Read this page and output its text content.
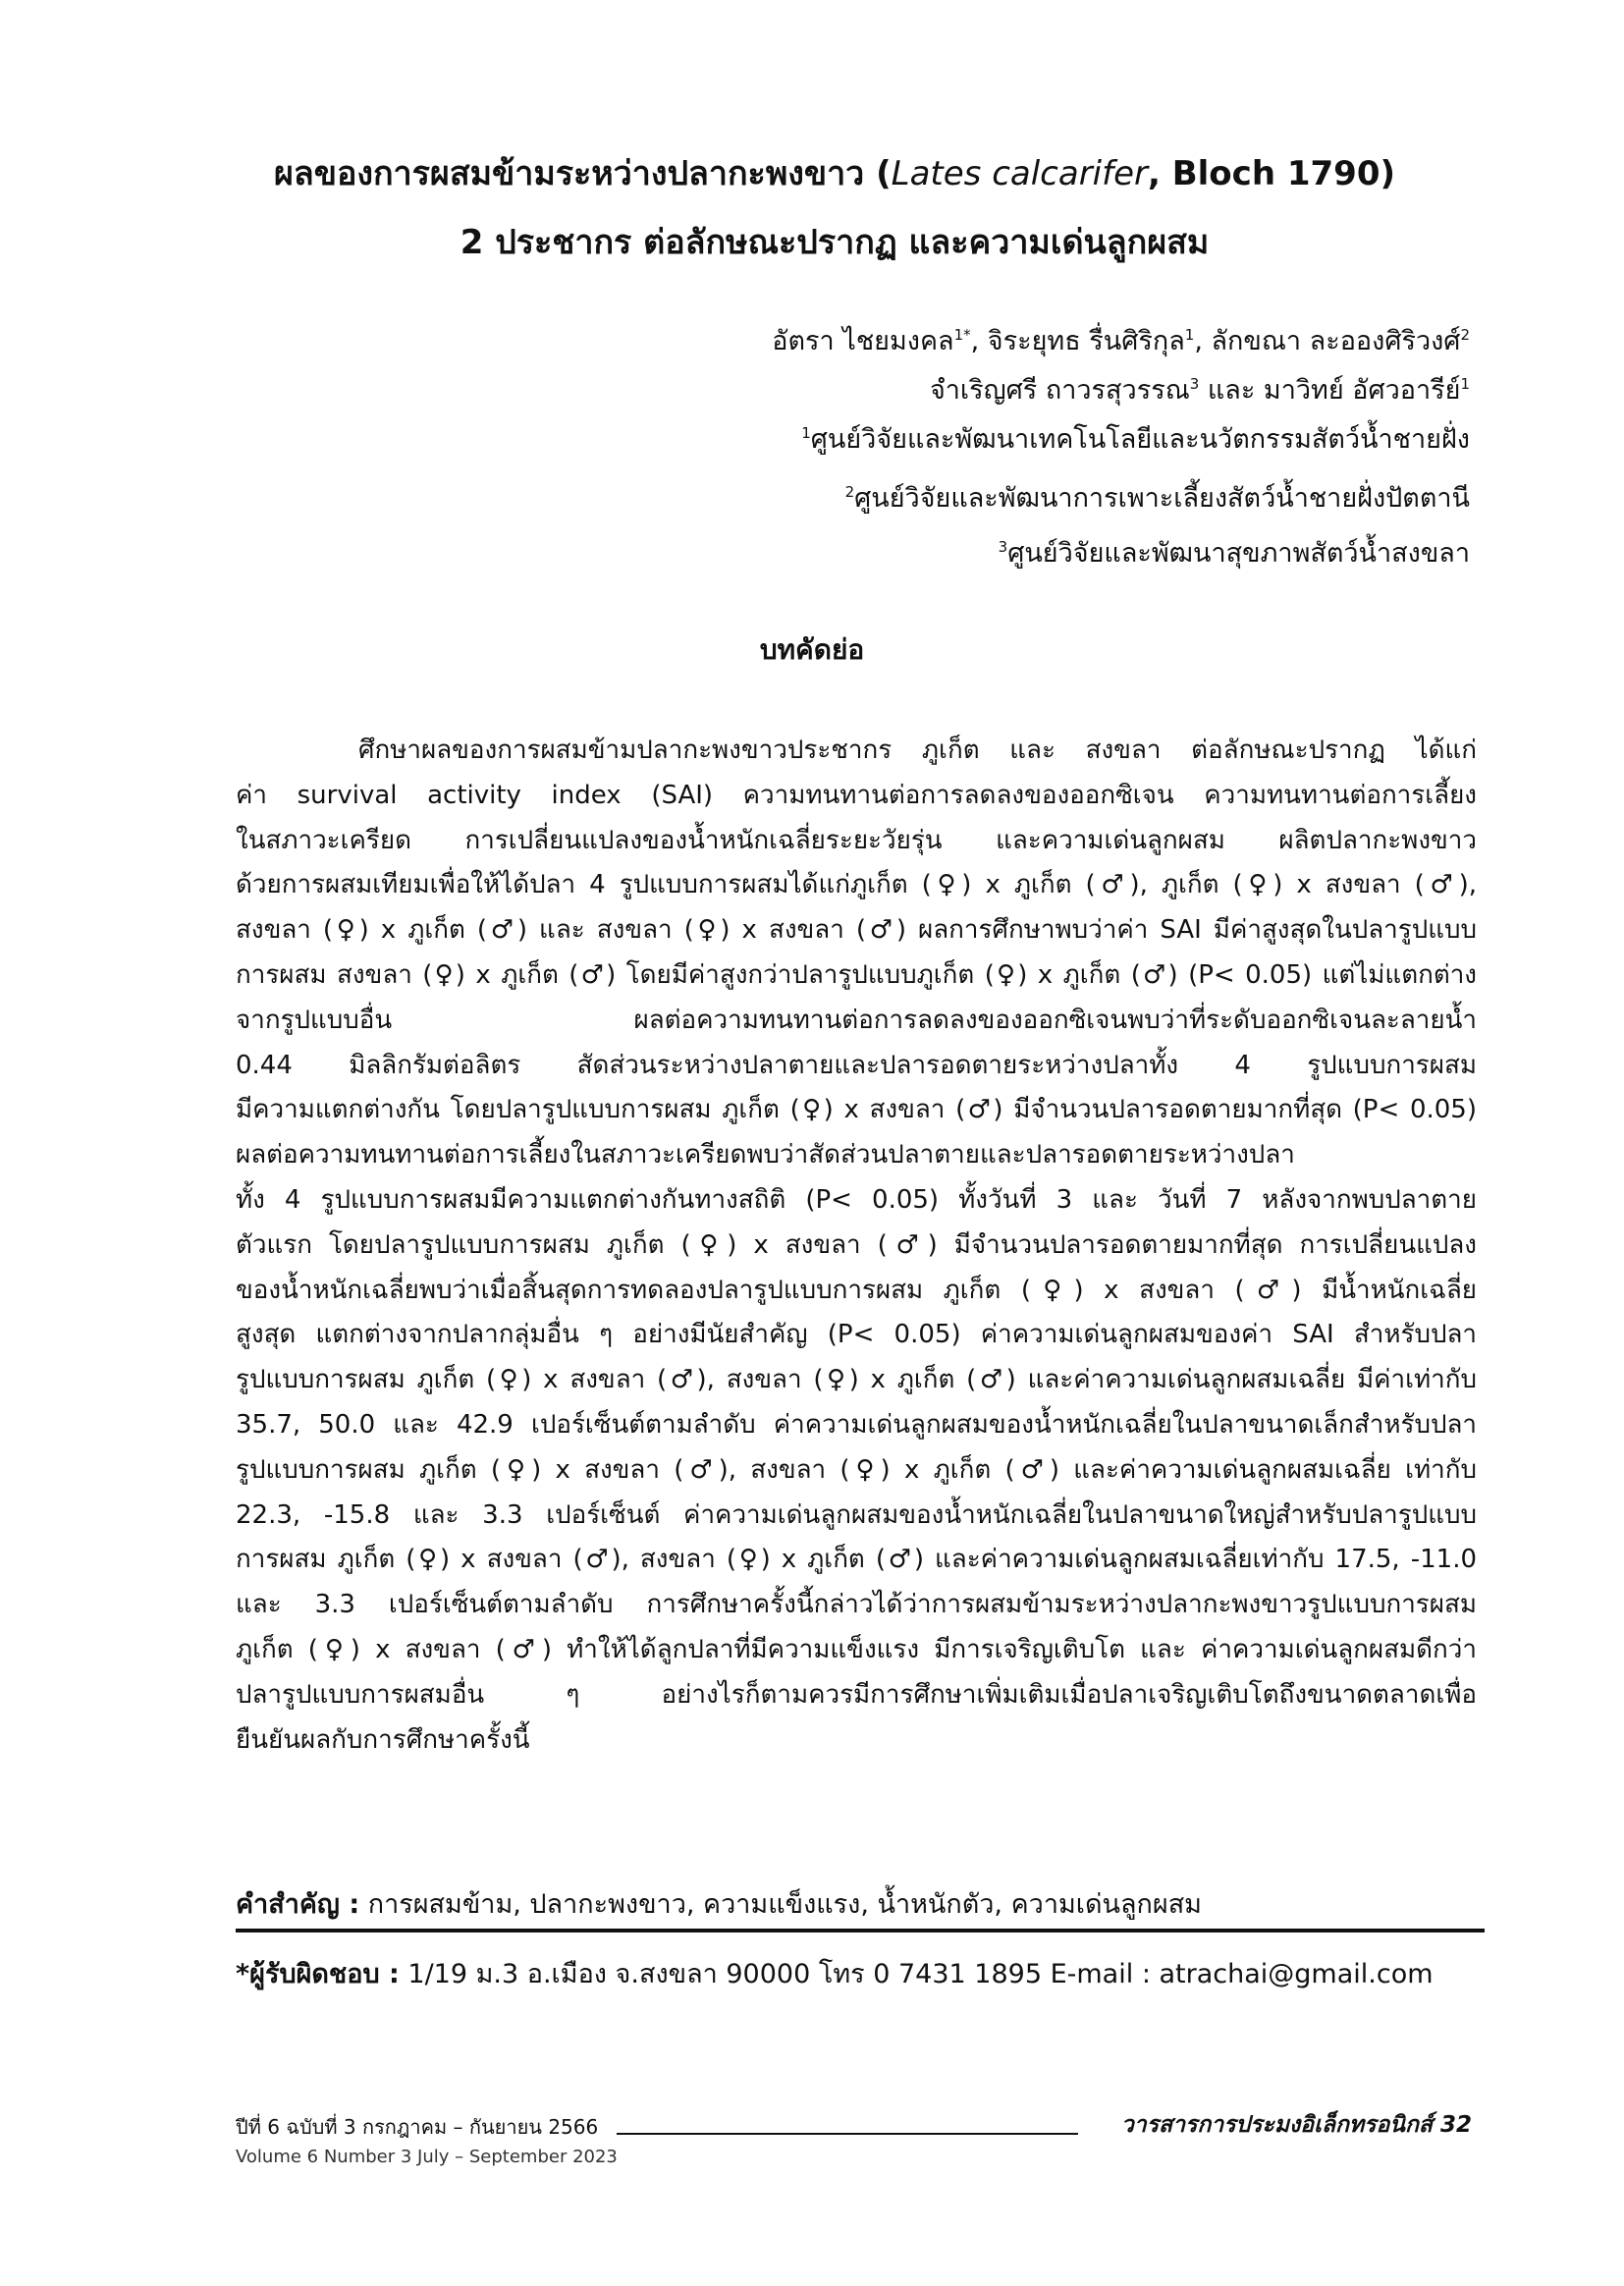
ผลของการผสมข้ามระหว่างปลากะพงขาว (Lates calcarifer, Bloch 1790)
2 ประชากร ต่อลักษณะปรากฏ และความเด่นลูกผสม
อัตรา ไชยมงคล$^{1*}$, จิระยุทธ รื่นศิริกุล$^1$, ลักขณา ละอองศิริวงศ์$^2$
จำเริญศรี ถาวรสุวรรณ$^3$ และ มาวิทย์ อัศวอารีย์$^1$
$^1$ศูนย์วิจัยและพัฒนาเทคโนโลยีและนวัตกรรมสัตว์น้ำชายฝั่ง
$^2$ศูนย์วิจัยและพัฒนาการเพาะเลี้ยงสัตว์น้ำชายฝั่งปัตตานี
$^3$ศูนย์วิจัยและพัฒนาสุขภาพสัตว์น้ำสงขลา
บทคัดย่อ
ศึกษาผลของการผสมข้ามปลากะพงขาวประชากร ภูเก็ต และ สงขลา ต่อลักษณะปรากฏ ได้แก่
ค่า survival activity index (SAI) ความทนทานต่อการลดลงของออกซิเจน ความทนทานต่อการเลี้ยง
ในสภาวะเครียด การเปลี่ยนแปลงของน้ำหนักเฉลี่ยระยะวัยรุ่น และความเด่นลูกผสม ผลิตปลากะพงขาว
ด้วยการผสมเทียมเพื่อให้ได้ปลา 4 รูปแบบการผสมได้แก่ภูเก็ต (♀) x ภูเก็ต (♂), ภูเก็ต (♀) x สงขลา (♂),
สงขลา (♀) x ภูเก็ต (♂) และ สงขลา (♀) x สงขลา (♂) ผลการศึกษาพบว่าค่า SAI มีค่าสูงสุดในปลารูปแบบ
การผสม สงขลา (♀) x ภูเก็ต (♂) โดยมีค่าสูงกว่าปลารูปแบบภูเก็ต (♀) x ภูเก็ต (♂) (P< 0.05) แต่ไม่แตกต่าง
จากรูปแบบอื่น ผลต่อความทนทานต่อการลดลงของออกซิเจนพบว่าที่ระดับออกซิเจนละลายน้ำ
0.44 มิลลิกรัมต่อลิตร สัดส่วนระหว่างปลาตายและปลารอดตายระหว่างปลาทั้ง 4 รูปแบบการผสม
มีความแตกต่างกัน โดยปลารูปแบบการผสม ภูเก็ต (♀) x สงขลา (♂) มีจำนวนปลารอดตายมากที่สุด (P< 0.05)
ผลต่อความทนทานต่อการเลี้ยงในสภาวะเครียดพบว่าสัดส่วนปลาตายและปลารอดตายระหว่างปลา
ทั้ง 4 รูปแบบการผสมมีความแตกต่างกันทางสถิติ (P< 0.05) ทั้งวันที่ 3 และ วันที่ 7 หลังจากพบปลาตาย
ตัวแรก โดยปลารูปแบบการผสม ภูเก็ต (♀) x สงขลา (♂) มีจำนวนปลารอดตายมากที่สุด การเปลี่ยนแปลง
ของน้ำหนักเฉลี่ยพบว่าเมื่อสิ้นสุดการทดลองปลารูปแบบการผสม ภูเก็ต (♀) x สงขลา (♂) มีน้ำหนักเฉลี่ย
สูงสุด แตกต่างจากปลากลุ่มอื่น ๆ อย่างมีนัยสำคัญ (P< 0.05) ค่าความเด่นลูกผสมของค่า SAI สำหรับปลา
รูปแบบการผสม ภูเก็ต (♀) x สงขลา (♂), สงขลา (♀) x ภูเก็ต (♂) และค่าความเด่นลูกผสมเฉลี่ย มีค่าเท่ากับ
35.7, 50.0 และ 42.9 เปอร์เซ็นต์ตามลำดับ ค่าความเด่นลูกผสมของน้ำหนักเฉลี่ยในปลาขนาดเล็กสำหรับปลา
รูปแบบการผสม ภูเก็ต (♀) x สงขลา (♂), สงขลา (♀) x ภูเก็ต (♂) และค่าความเด่นลูกผสมเฉลี่ย เท่ากับ
22.3, -15.8 และ 3.3 เปอร์เซ็นต์ ค่าความเด่นลูกผสมของน้ำหนักเฉลี่ยในปลาขนาดใหญ่สำหรับปลารูปแบบ
การผสม ภูเก็ต (♀) x สงขลา (♂), สงขลา (♀) x ภูเก็ต (♂) และค่าความเด่นลูกผสมเฉลี่ยเท่ากับ 17.5, -11.0
และ 3.3 เปอร์เซ็นต์ตามลำดับ การศึกษาครั้งนี้กล่าวได้ว่าการผสมข้ามระหว่างปลากะพงขาวรูปแบบการผสม
ภูเก็ต (♀) x สงขลา (♂) ทำให้ได้ลูกปลาที่มีความแข็งแรง มีการเจริญเติบโต และ ค่าความเด่นลูกผสมดีกว่า
ปลารูปแบบการผสมอื่น ๆ อย่างไรก็ตามควรมีการศึกษาเพิ่มเติมเมื่อปลาเจริญเติบโตถึงขนาดตลาดเพื่อ
ยืนยันผลกับการศึกษาครั้งนี้
คำสำคัญ : การผสมข้าม, ปลากะพงขาว, ความแข็งแรง, น้ำหนักตัว, ความเด่นลูกผสม
*ผู้รับผิดชอบ : 1/19 ม.3 อ.เมือง จ.สงขลา 90000 โทร 0 7431 1895 E-mail : atrachai@gmail.com
ปีที่ 6 ฉบับที่ 3 กรกฎาคม – กันยายน 2566	วารสารการประมงอิเล็กทรอนิกส์ 32
Volume 6 Number 3 July – September 2023
